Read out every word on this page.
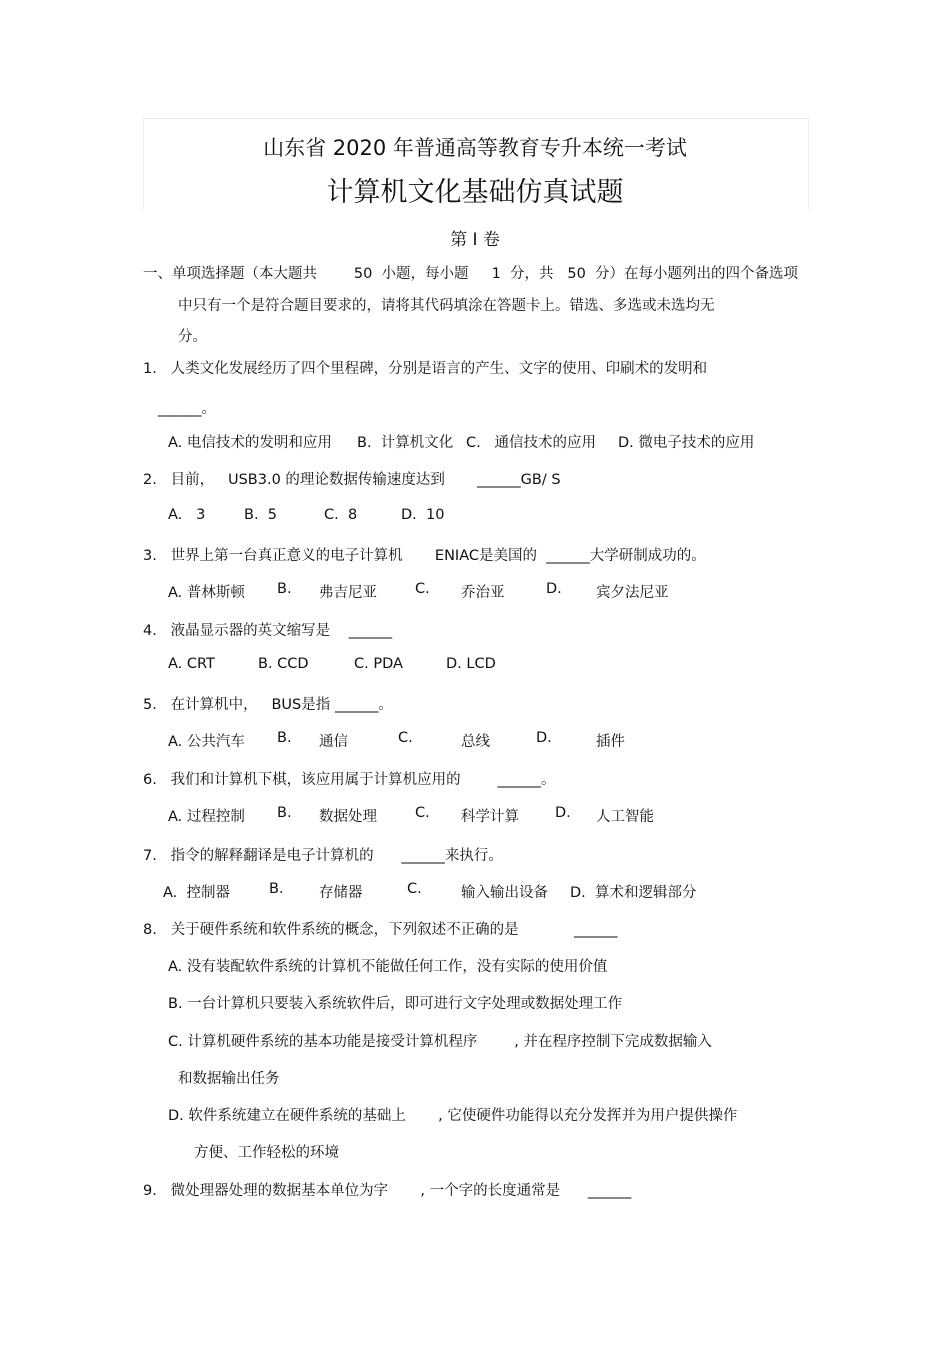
山东省 2020 年普通高等教育专升本统一考试
计算机文化基础仿真试题
第 I 卷
一、单项选择题（本大题共        50  小题，每小题     1  分，共   50  分）在每小题列出的四个备选项
中只有一个是符合题目要求的，请将其代码填涂在答题卡上。错选、多选或未选均无
分。
1.   人类文化发展经历了四个里程碑，分别是语言的产生、文字的使用、印刷术的发明和
______。
A. 电信技术的发明和应用 B.  计算机文化 C.   通信技术的应用 D. 微电子技术的应用
2.   目前，   USB3.0 的理论数据传输速度达到       ______GB/ S
A.   3	B.  5	C.  8	D.  10
3.   世界上第一台真正意义的电子计算机       ENIAC是美国的  ______大学研制成功的。
A. 普林斯顿 B. 弗吉尼亚	C. 乔治亚	D. 宾夕法尼亚
4.   液晶显示器的英文缩写是    ______
A. CRT	B. CCD	C. PDA	D. LCD
5.   在计算机中，   BUS是指 ______。
A. 公共汽车 B. 通信	C.	总线	D.	插件
6.   我们和计算机下棋，该应用属于计算机应用的        ______。
A. 过程控制 B. 数据处理	C. 科学计算 D. 人工智能
7.   指令的解释翻译是电子计算机的      ______来执行。
A.  控制器	B. 存储器	C.	输入输出设备 D.  算术和逻辑部分
8.   关于硬件系统和软件系统的概念，下列叙述不正确的是            ______
A. 没有装配软件系统的计算机不能做任何工作，没有实际的使用价值
B. 一台计算机只要装入系统软件后，即可进行文字处理或数据处理工作
C. 计算机硬件系统的基本功能是接受计算机程序        , 并在程序控制下完成数据输入
和数据输出任务
D. 软件系统建立在硬件系统的基础上       , 它使硬件功能得以充分发挥并为用户提供操作
方便、工作轻松的环境
9.   微处理器处理的数据基本单位为字       , 一个字的长度通常是      ______
